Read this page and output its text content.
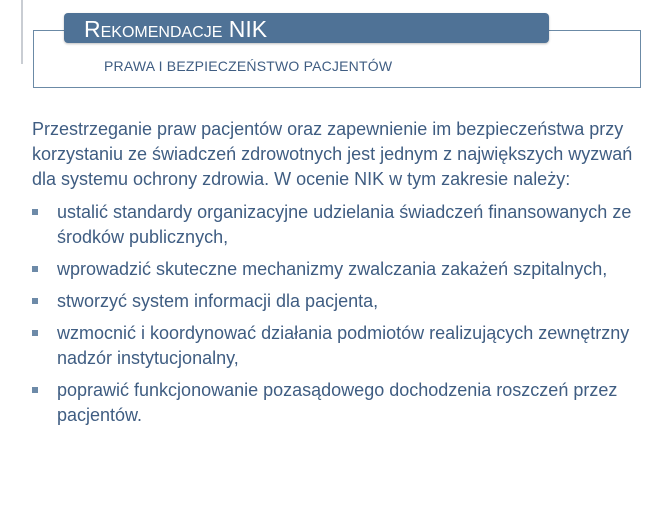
Rekomendacje NIK
PRAWA I BEZPIECZEŃSTWO PACJENTÓW

Przestrzeganie praw pacjentów oraz zapewnienie im bezpieczeństwa przy korzystaniu ze świadczeń zdrowotnych jest jednym z największych wyzwań dla systemu ochrony zdrowia. W ocenie NIK w tym zakresie należy:

ustalić standardy organizacyjne udzielania świadczeń finansowanych ze środków publicznych,
wprowadzić skuteczne mechanizmy zwalczania zakażeń szpitalnych,
stworzyć system informacji dla pacjenta,
wzmocnić i koordynować działania podmiotów realizujących zewnętrzny nadzór instytucjonalny,
poprawić funkcjonowanie pozasądowego dochodzenia roszczeń przez pacjentów.
